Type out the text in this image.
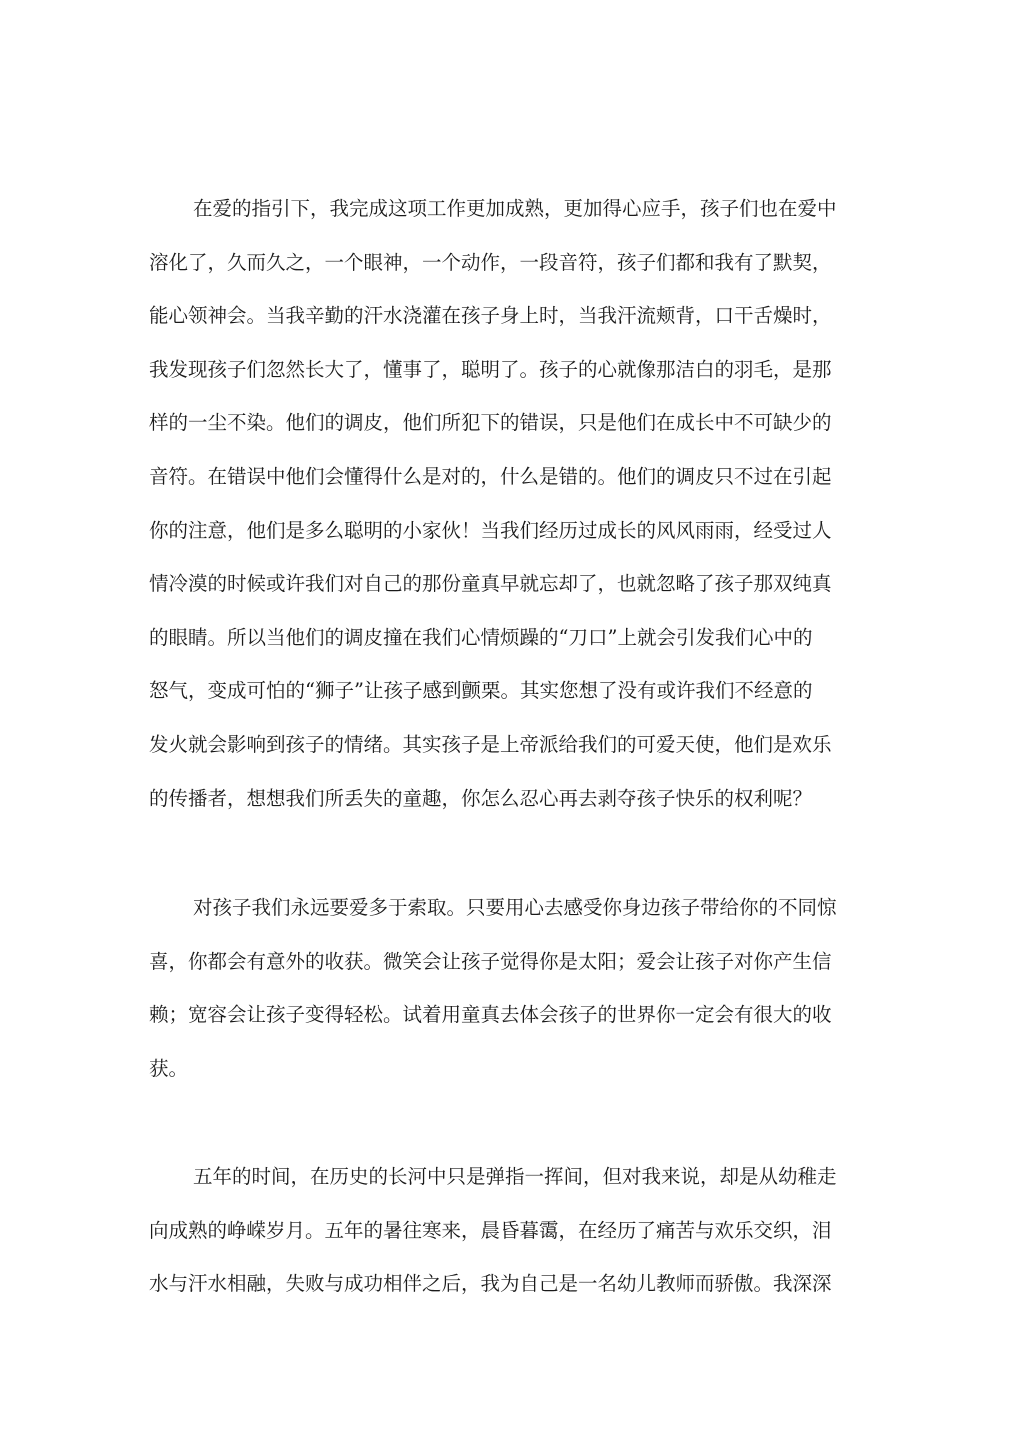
在爱的指引下，我完成这项工作更加成熟，更加得心应手，孩子们也在爱中
溶化了，久而久之，一个眼神，一个动作，一段音符，孩子们都和我有了默契，
能心领神会。当我辛勤的汗水浇灌在孩子身上时，当我汗流颊背，口干舌燥时，
我发现孩子们忽然长大了，懂事了，聪明了。孩子的心就像那洁白的羽毛，是那
样的一尘不染。他们的调皮，他们所犯下的错误，只是他们在成长中不可缺少的
音符。在错误中他们会懂得什么是对的，什么是错的。他们的调皮只不过在引起
你的注意，他们是多么聪明的小家伙！当我们经历过成长的风风雨雨，经受过人
情冷漠的时候或许我们对自己的那份童真早就忘却了，也就忽略了孩子那双纯真
的眼睛。所以当他们的调皮撞在我们心情烦躁的“刀口”上就会引发我们心中的
怒气，变成可怕的“狮子”让孩子感到颤栗。其实您想了没有或许我们不经意的
发火就会影响到孩子的情绪。其实孩子是上帝派给我们的可爱天使，他们是欢乐
的传播者，想想我们所丢失的童趣，你怎么忍心再去剥夺孩子快乐的权利呢？
对孩子我们永远要爱多于索取。只要用心去感受你身边孩子带给你的不同惊
喜，你都会有意外的收获。微笑会让孩子觉得你是太阳；爱会让孩子对你产生信
赖；宽容会让孩子变得轻松。试着用童真去体会孩子的世界你一定会有很大的收
获。
五年的时间，在历史的长河中只是弹指一挥间，但对我来说，却是从幼稚走
向成熟的峥嵘岁月。五年的暑往寒来，晨昏暮霭，在经历了痛苦与欢乐交织，泪
水与汗水相融，失败与成功相伴之后，我为自己是一名幼儿教师而骄傲。我深深
